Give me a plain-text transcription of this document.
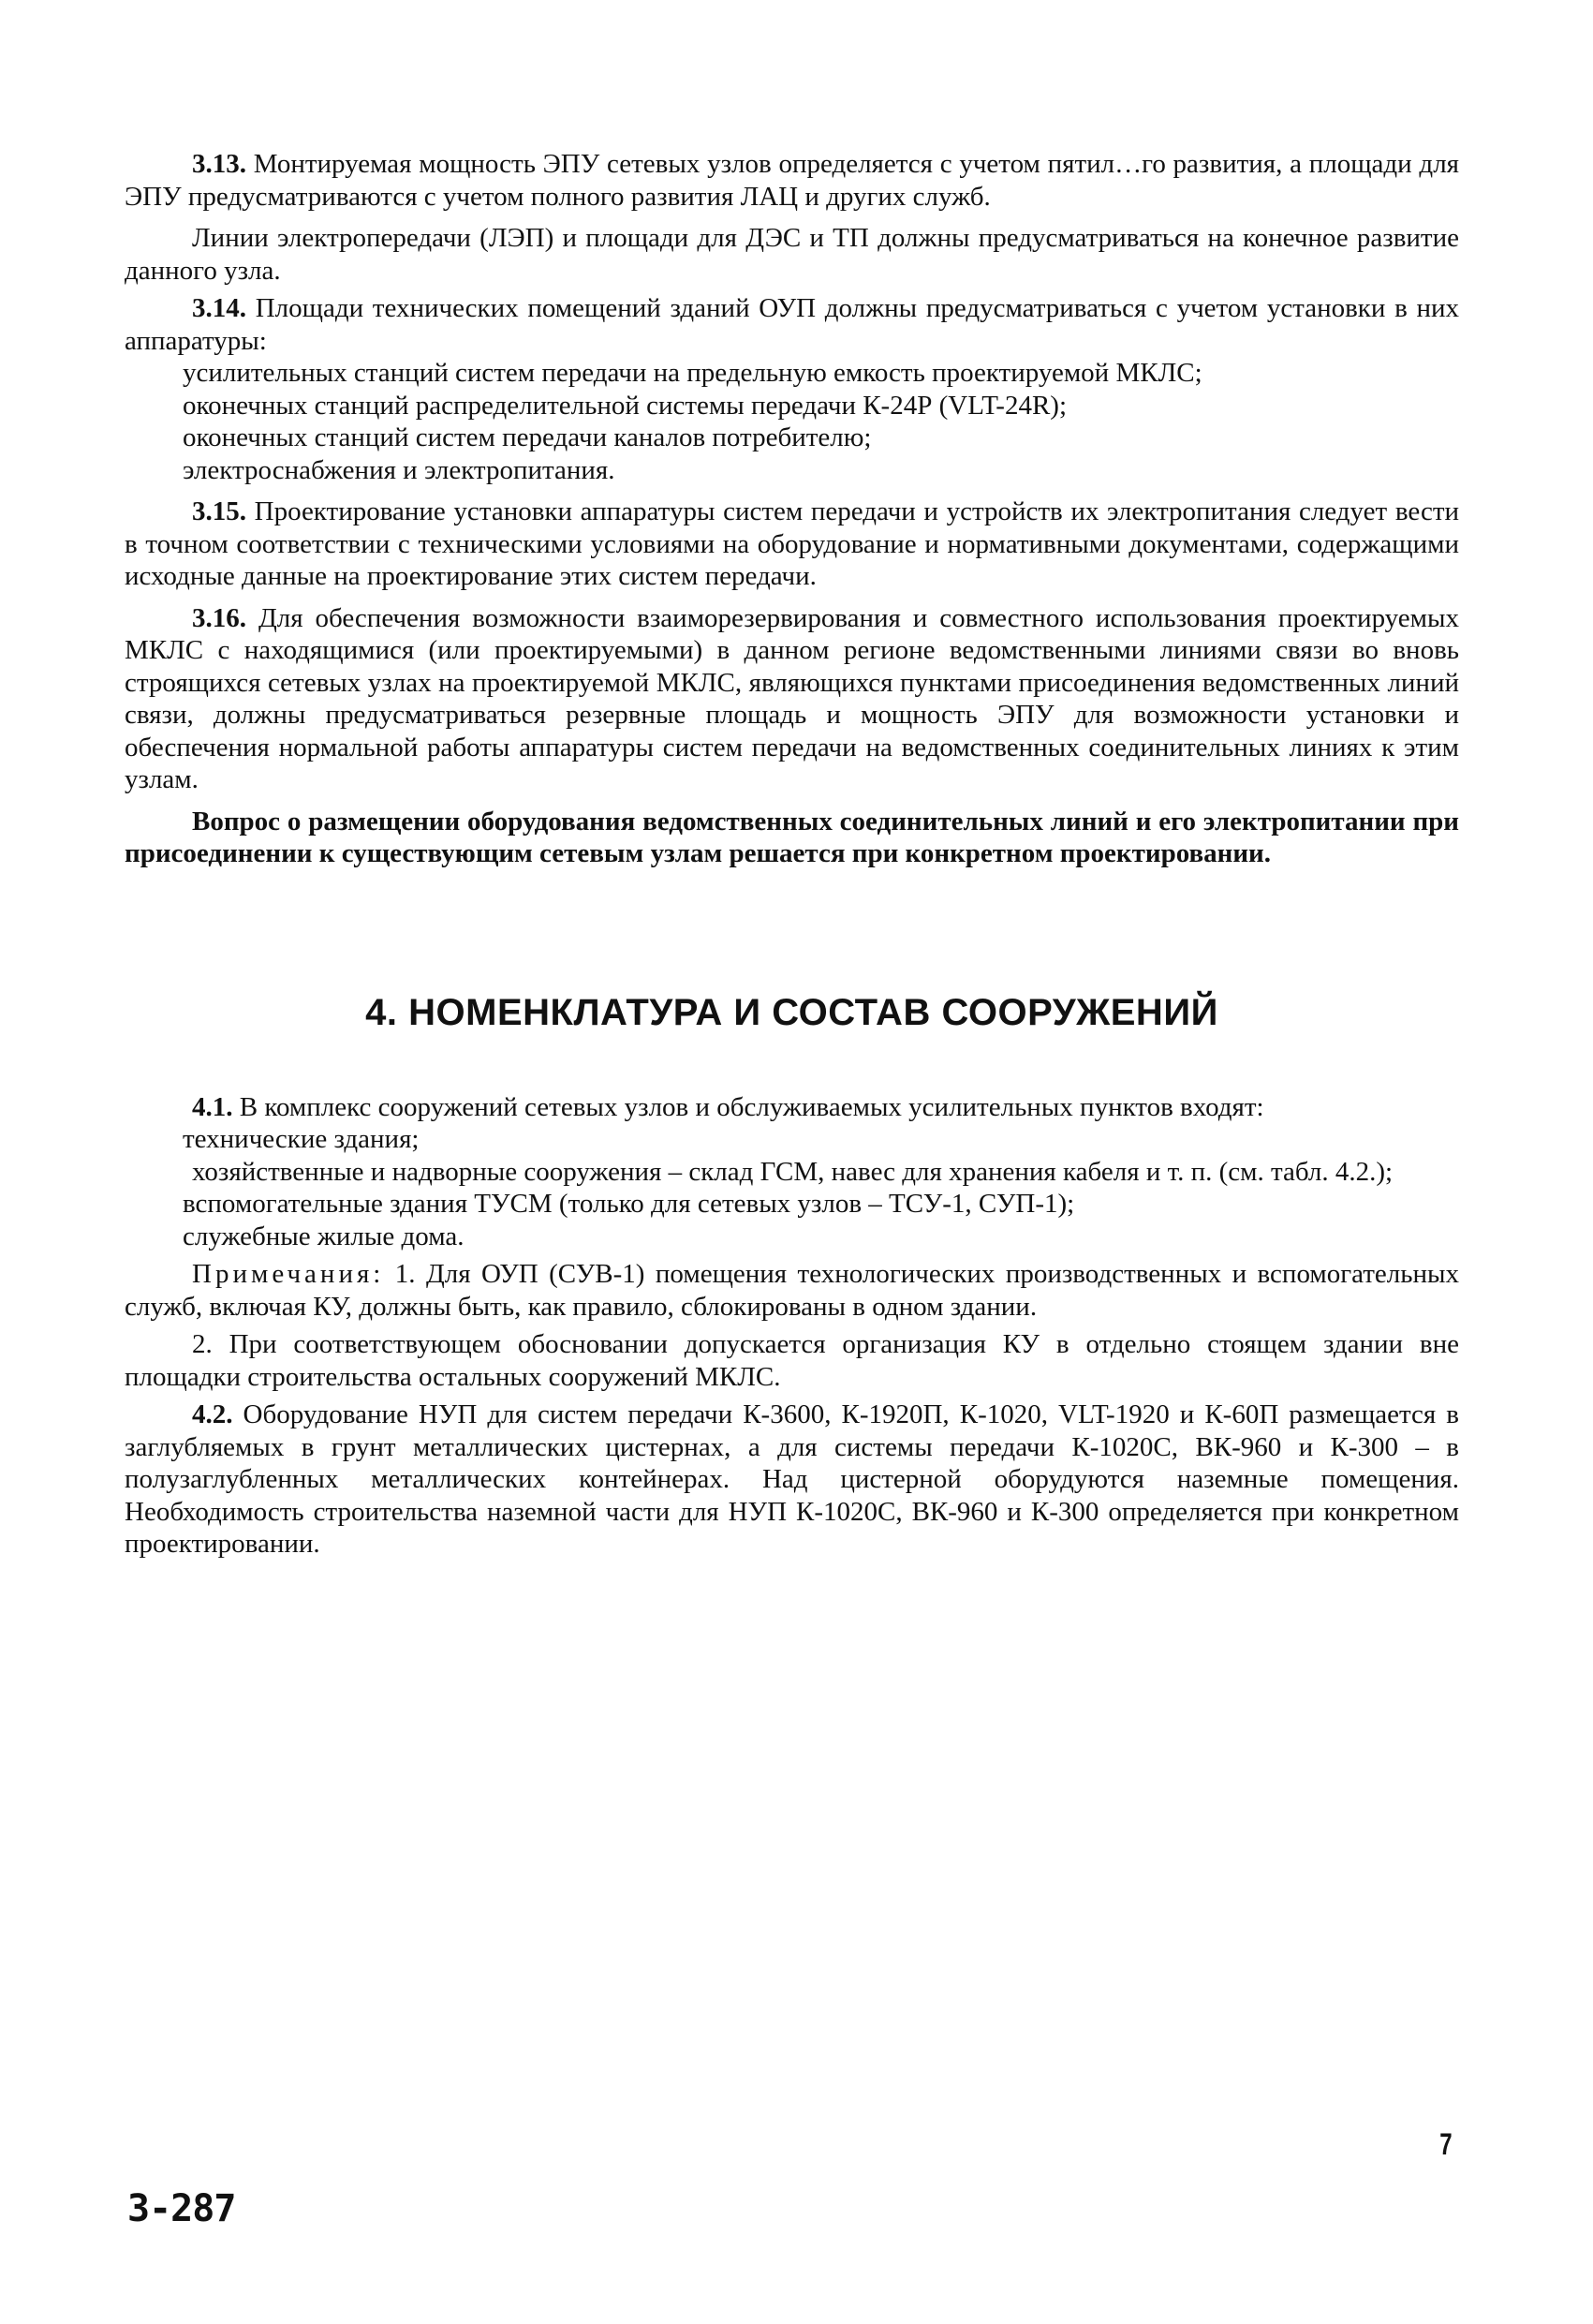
3.13. Монтируемая мощность ЭПУ сетевых узлов определяется с учетом пятил…го развития, а площади для ЭПУ предусматриваются с учетом полного развития ЛАЦ и других служб.

Линии электропередачи (ЛЭП) и площади для ДЭС и ТП должны предусматриваться на конечное развитие данного узла.

3.14. Площади технических помещений зданий ОУП должны предусматриваться с учетом установки в них аппаратуры:

усилительных станций систем передачи на предельную емкость проектируемой МКЛС;

оконечных станций распределительной системы передачи К-24Р (VLT-24R);

оконечных станций систем передачи каналов потребителю;

электроснабжения и электропитания.

3.15. Проектирование установки аппаратуры систем передачи и устройств их электропитания следует вести в точном соответствии с техническими условиями на оборудование и нормативными документами, содержащими исходные данные на проектирование этих систем передачи.

3.16. Для обеспечения возможности взаиморезервирования и совместного использования проектируемых МКЛС с находящимися (или проектируемыми) в данном регионе ведомственными линиями связи во вновь строящихся сетевых узлах на проектируемой МКЛС, являющихся пунктами присоединения ведомственных линий связи, должны предусматриваться резервные площадь и мощность ЭПУ для возможности установки и обеспечения нормальной работы аппаратуры систем передачи на ведомственных соединительных линиях к этим узлам.

Вопрос о размещении оборудования ведомственных соединительных линий и его электропитании при присоединении к существующим сетевым узлам решается при конкретном проектировании.

4. НОМЕНКЛАТУРА И СОСТАВ СООРУЖЕНИЙ

4.1. В комплекс сооружений сетевых узлов и обслуживаемых усилительных пунктов входят:

технические здания;

хозяйственные и надворные сооружения – склад ГСМ, навес для хранения кабеля и т. п. (см. табл. 4.2.);

вспомогательные здания ТУСМ (только для сетевых узлов – ТСУ-1, СУП-1);

служебные жилые дома.

Примечания: 1. Для ОУП (СУВ-1) помещения технологических производственных и вспомогательных служб, включая КУ, должны быть, как правило, сблокированы в одном здании.

2. При соответствующем обосновании допускается организация КУ в отдельно стоящем здании вне площадки строительства остальных сооружений МКЛС.

4.2. Оборудование НУП для систем передачи К-3600, К-1920П, К-1020, VLT-1920 и К-60П размещается в заглубляемых в грунт металлических цистернах, а для системы передачи К-1020С, ВК-960 и К-300 – в полузаглубленных металлических контейнерах. Над цистерной оборудуются наземные помещения. Необходимость строительства наземной части для НУП К-1020С, ВК-960 и К-300 определяется при конкретном проектировании.

7
3-287
